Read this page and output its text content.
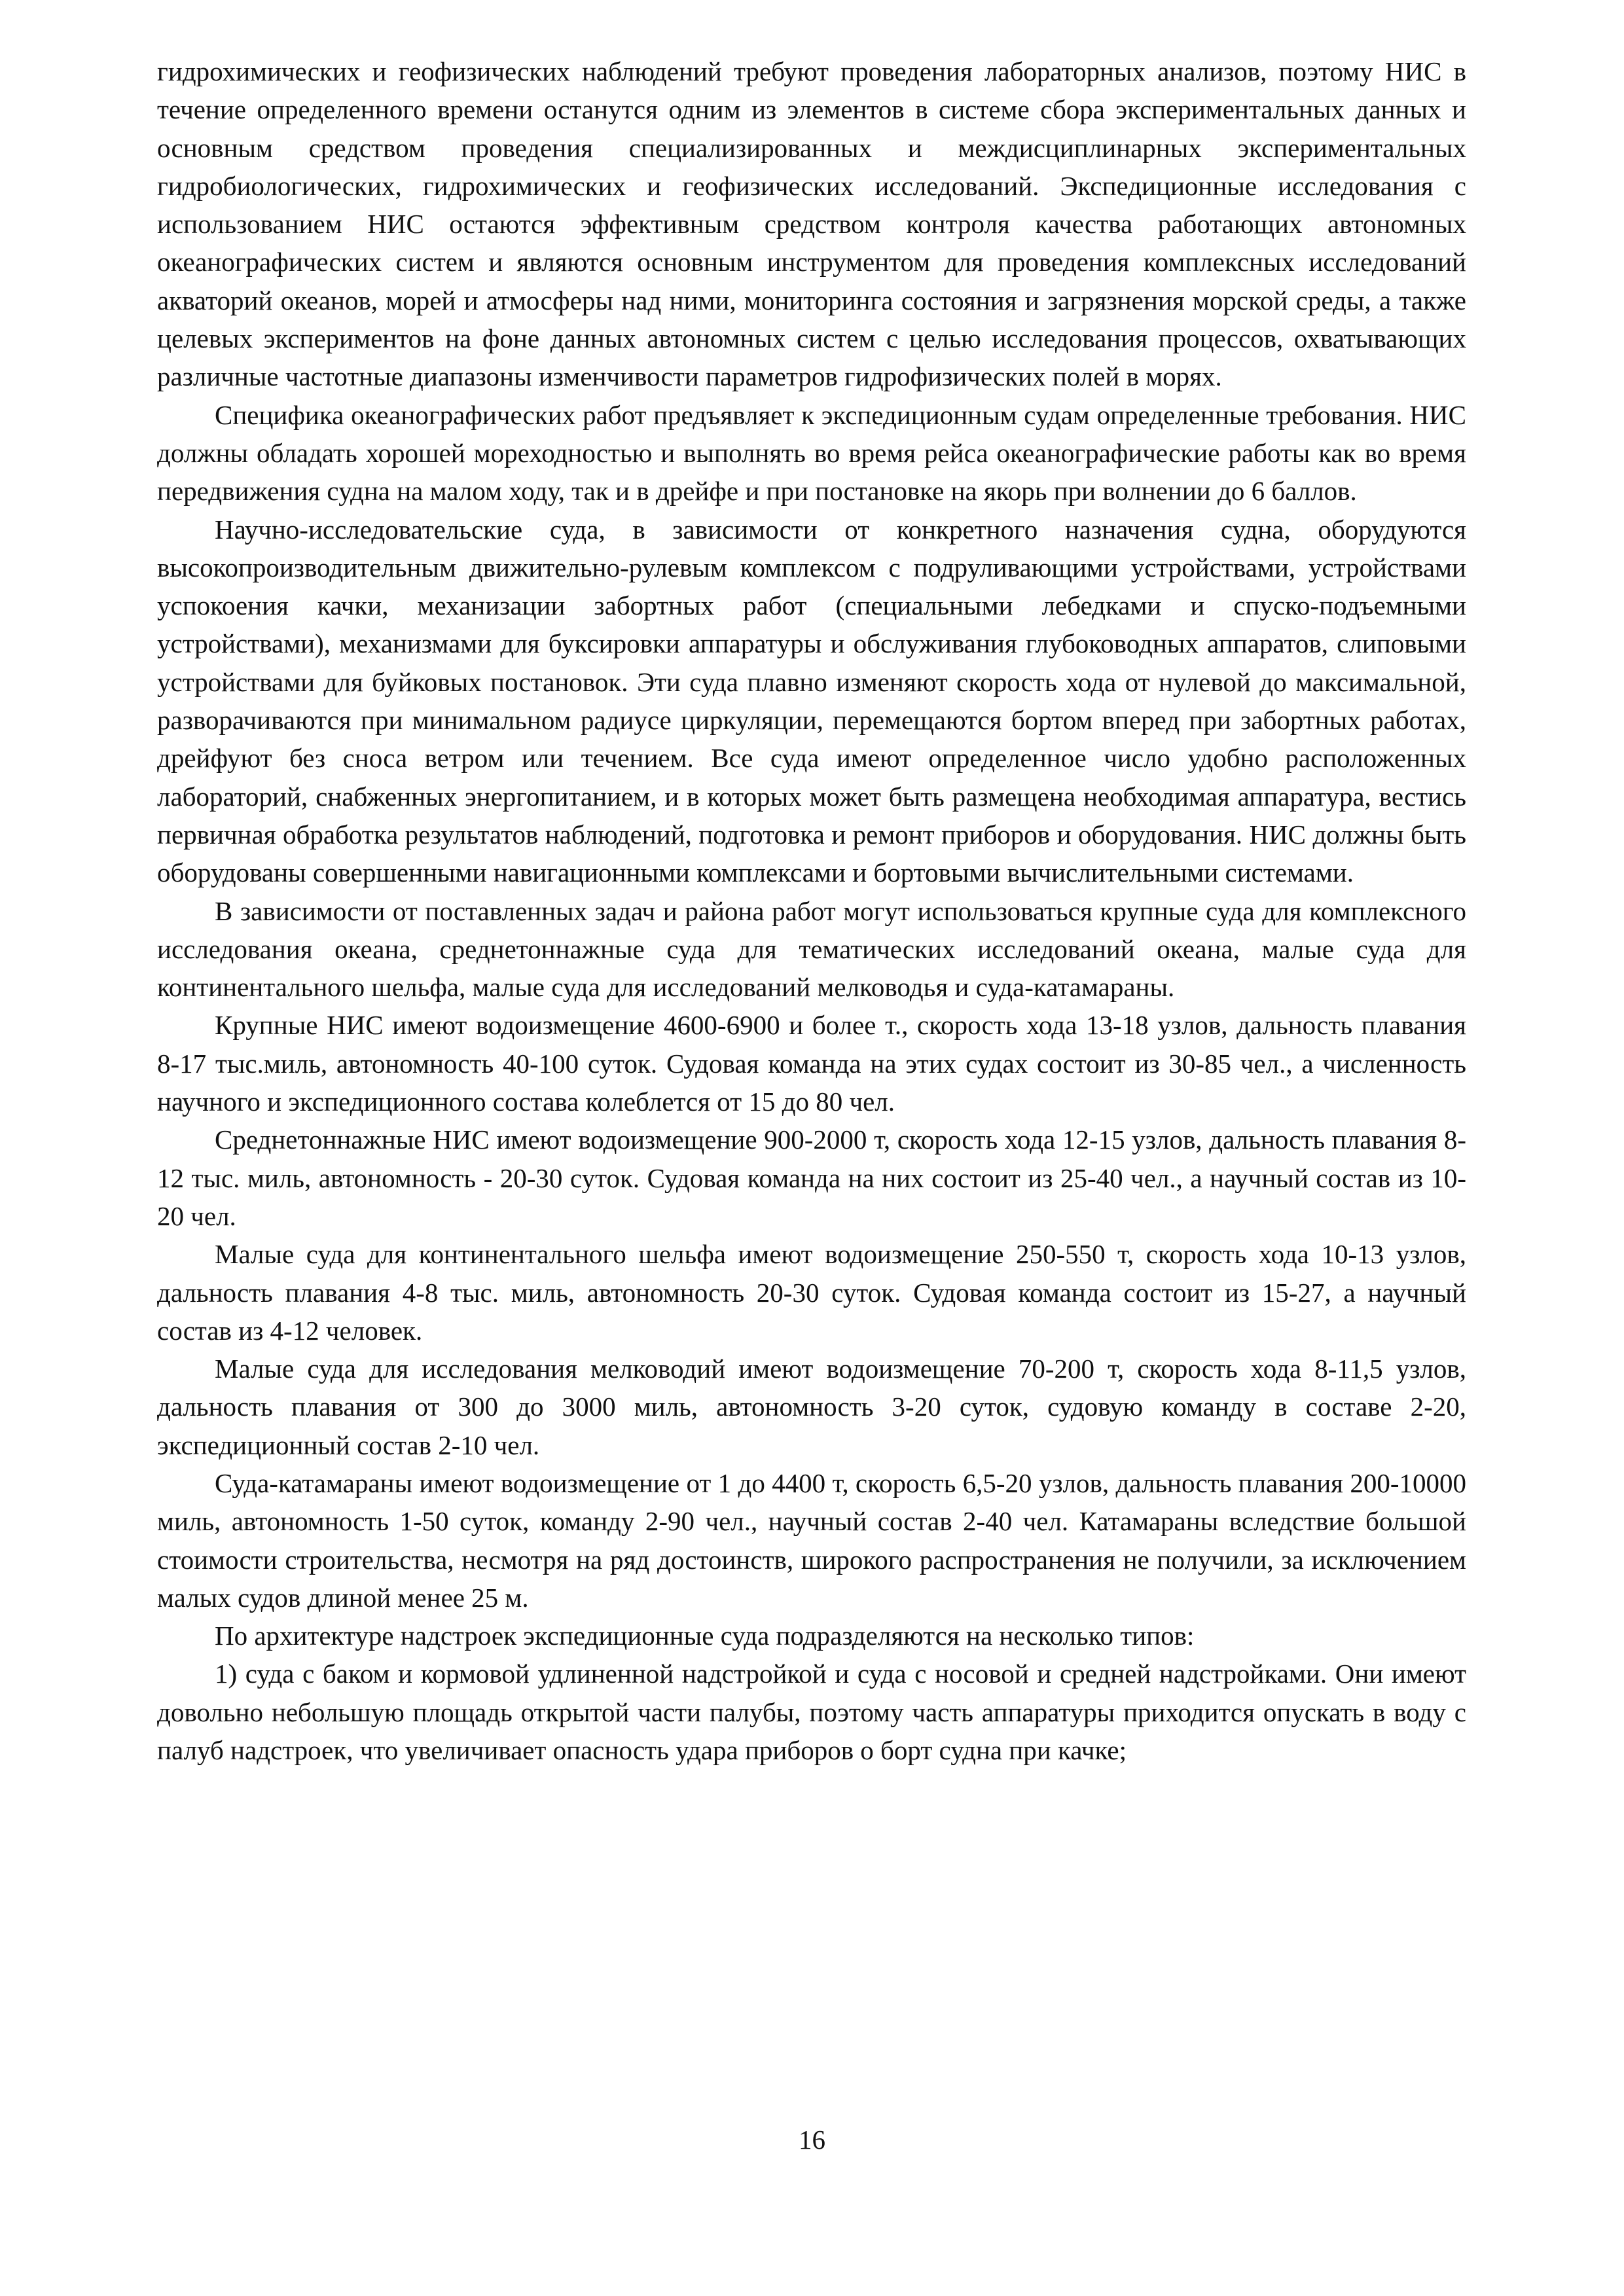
гидрохимических и геофизических наблюдений требуют проведения лабораторных анализов, поэтому НИС в течение определенного времени останутся одним из элементов в системе сбора экспериментальных данных и основным средством проведения специализированных и междисциплинарных экспериментальных гидробиологических, гидрохимических и геофизических исследований. Экспедиционные исследования с использованием НИС остаются эффективным средством контроля качества работающих автономных океанографических систем и являются основным инструментом для проведения комплексных исследований акваторий океанов, морей и атмосферы над ними, мониторинга состояния и загрязнения морской среды, а также целевых экспериментов на фоне данных автономных систем с целью исследования процессов, охватывающих различные частотные диапазоны изменчивости параметров гидрофизических полей в морях.

Специфика океанографических работ предъявляет к экспедиционным судам определенные требования. НИС должны обладать хорошей мореходностью и выполнять во время рейса океанографические работы как во время передвижения судна на малом ходу, так и в дрейфе и при постановке на якорь при волнении до 6 баллов.

Научно-исследовательские суда, в зависимости от конкретного назначения судна, оборудуются высокопроизводительным движительно-рулевым комплексом с подруливающими устройствами, устройствами успокоения качки, механизации забортных работ (специальными лебедками и спуско-подъемными устройствами), механизмами для буксировки аппаратуры и обслуживания глубоководных аппаратов, слиповыми устройствами для буйковых постановок. Эти суда плавно изменяют скорость хода от нулевой до максимальной, разворачиваются при минимальном радиусе циркуляции, перемещаются бортом вперед при забортных работах, дрейфуют без сноса ветром или течением. Все суда имеют определенное число удобно расположенных лабораторий, снабженных энергопитанием, и в которых может быть размещена необходимая аппаратура, вестись первичная обработка результатов наблюдений, подготовка и ремонт приборов и оборудования. НИС должны быть оборудованы совершенными навигационными комплексами и бортовыми вычислительными системами.

В зависимости от поставленных задач и района работ могут использоваться крупные суда для комплексного исследования океана, среднетоннажные суда для тематических исследований океана, малые суда для континентального шельфа, малые суда для исследований мелководья и суда-катамараны.

Крупные НИС имеют водоизмещение 4600-6900 и более т., скорость хода 13-18 узлов, дальность плавания 8-17 тыс.миль, автономность 40-100 суток. Судовая команда на этих судах состоит из 30-85 чел., а численность научного и экспедиционного состава колеблется от 15 до 80 чел.

Среднетоннажные НИС имеют водоизмещение 900-2000 т, скорость хода 12-15 узлов, дальность плавания 8-12 тыс. миль, автономность - 20-30 суток. Судовая команда на них состоит из 25-40 чел., а научный состав из 10-20 чел.

Малые суда для континентального шельфа имеют водоизмещение 250-550 т, скорость хода 10-13 узлов, дальность плавания 4-8 тыс. миль, автономность 20-30 суток. Судовая команда состоит из 15-27, а научный состав из 4-12 человек.

Малые суда для исследования мелководий имеют водоизмещение 70-200 т, скорость хода 8-11,5 узлов, дальность плавания от 300 до 3000 миль, автономность 3-20 суток, судовую команду в составе 2-20, экспедиционный состав 2-10 чел.

Суда-катамараны имеют водоизмещение от 1 до 4400 т, скорость 6,5-20 узлов, дальность плавания 200-10000 миль, автономность 1-50 суток, команду 2-90 чел., научный состав 2-40 чел. Катамараны вследствие большой стоимости строительства, несмотря на ряд достоинств, широкого распространения не получили, за исключением малых судов длиной менее 25 м.

По архитектуре надстроек экспедиционные суда подразделяются на несколько типов:

1) суда с баком и кормовой удлиненной надстройкой и суда с носовой и средней надстройками. Они имеют довольно небольшую площадь открытой части палубы, поэтому часть аппаратуры приходится опускать в воду с палуб надстроек, что увеличивает опасность удара приборов о борт судна при качке;

16
